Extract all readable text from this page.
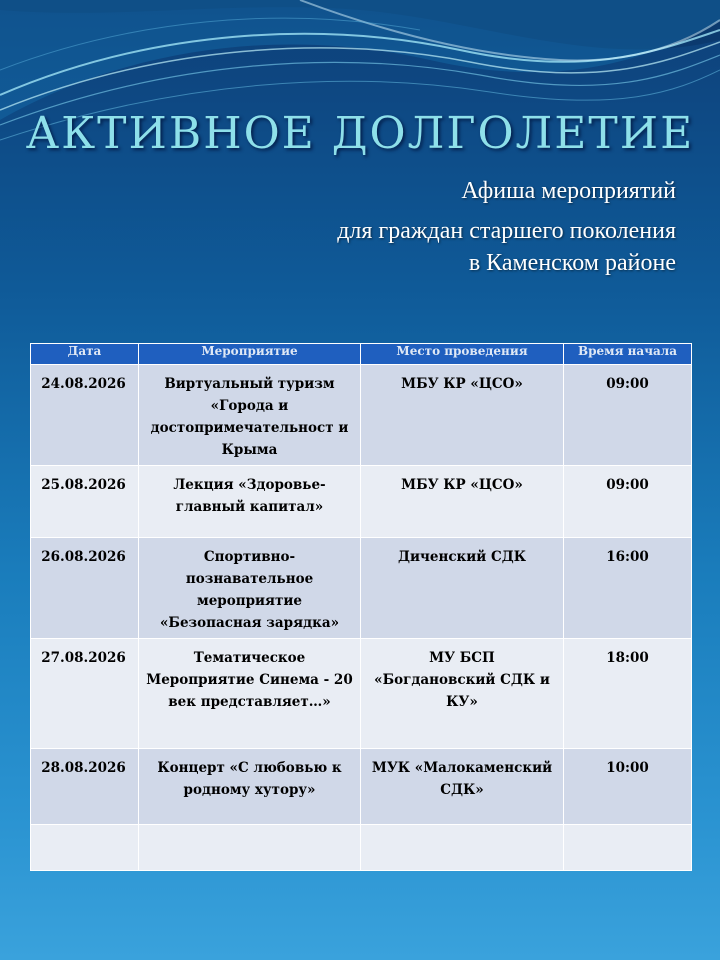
АКТИВНОЕ ДОЛГОЛЕТИЕ
Афиша мероприятий
для граждан старшего поколения
в Каменском районе
Дата	Мероприятие	Место проведения	Время начала
24.08.2026	Виртуальный туризм «Города и достопримечательност и Крыма	МБУ КР «ЦСО»	09:00
25.08.2026	Лекция «Здоровье-главный капитал»	МБУ КР «ЦСО»	09:00
26.08.2026	Спортивно-познавательное мероприятие «Безопасная зарядка»	Диченский СДК	16:00
27.08.2026	Тематическое Мероприятие Синема - 20 век представляет…»	МУ БСП «Богдановский СДК и КУ»	18:00
28.08.2026	Концерт «С любовью к родному хутору»	МУК «Малокаменский СДК»	10:00
